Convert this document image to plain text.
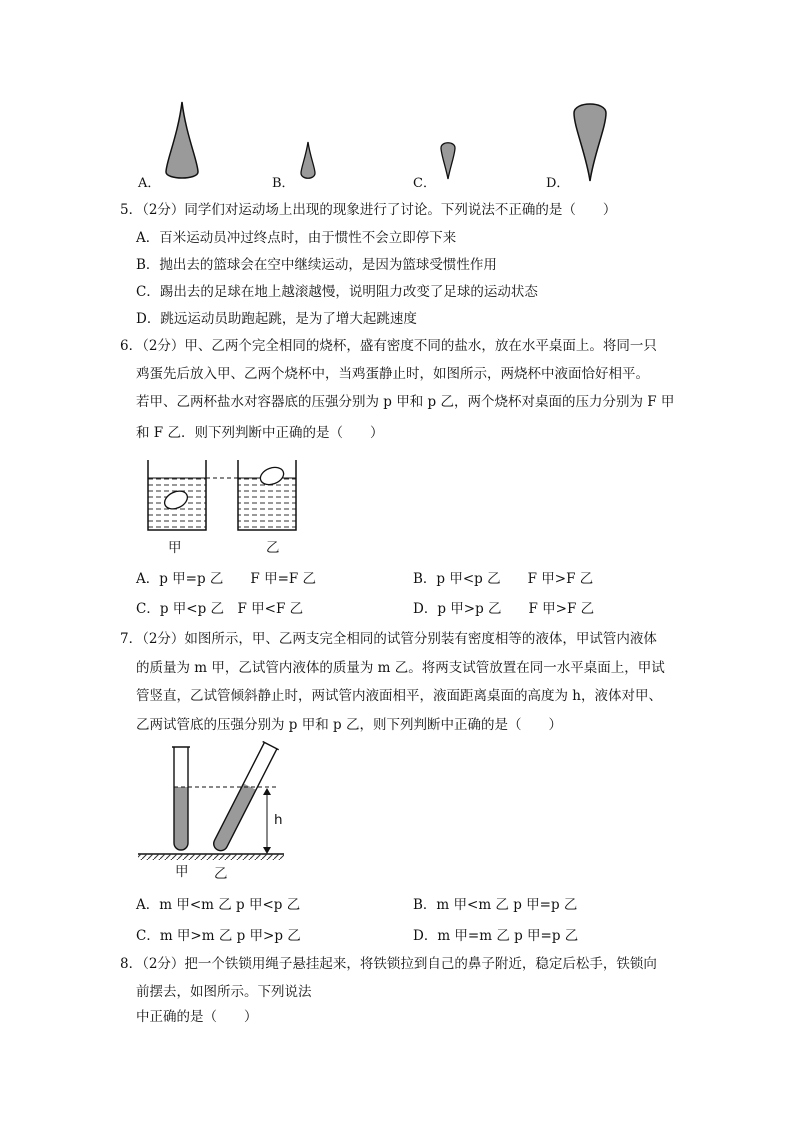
A．	B．	C．	D．
5．（2分）同学们对运动场上出现的现象进行了讨论。下列说法不正确的是（　　）
A．百米运动员冲过终点时，由于惯性不会立即停下来
B．抛出去的篮球会在空中继续运动，是因为篮球受惯性作用
C．踢出去的足球在地上越滚越慢，说明阻力改变了足球的运动状态
D．跳远运动员助跑起跳，是为了增大起跳速度
6．（2分）甲、乙两个完全相同的烧杯，盛有密度不同的盐水，放在水平桌面上。将同一只
鸡蛋先后放入甲、乙两个烧杯中，当鸡蛋静止时，如图所示，两烧杯中液面恰好相平。
若甲、乙两杯盐水对容器底的压强分别为 p 甲和 p 乙，两个烧杯对桌面的压力分别为 F 甲
和 F 乙．则下列判断中正确的是（　　）
甲	乙
A．p 甲=p 乙　　F 甲=F 乙	B．p 甲<p 乙　　F 甲>F 乙
C．p 甲<p 乙　F 甲<F 乙	D．p 甲>p 乙　　F 甲>F 乙
7．（2分）如图所示，甲、乙两支完全相同的试管分别装有密度相等的液体，甲试管内液体
的质量为 m 甲，乙试管内液体的质量为 m 乙。将两支试管放置在同一水平桌面上，甲试
管竖直，乙试管倾斜静止时，两试管内液面相平，液面距离桌面的高度为 h，液体对甲、
乙两试管底的压强分别为 p 甲和 p 乙，则下列判断中正确的是（　　）
h
甲 乙
A．m 甲<m 乙 p 甲<p 乙	B．m 甲<m 乙 p 甲=p 乙
C．m 甲>m 乙 p 甲>p 乙	D．m 甲=m 乙 p 甲=p 乙
8．（2分）把一个铁锁用绳子悬挂起来，将铁锁拉到自己的鼻子附近，稳定后松手，铁锁向
前摆去，如图所示。下列说法
中正确的是（　　）
